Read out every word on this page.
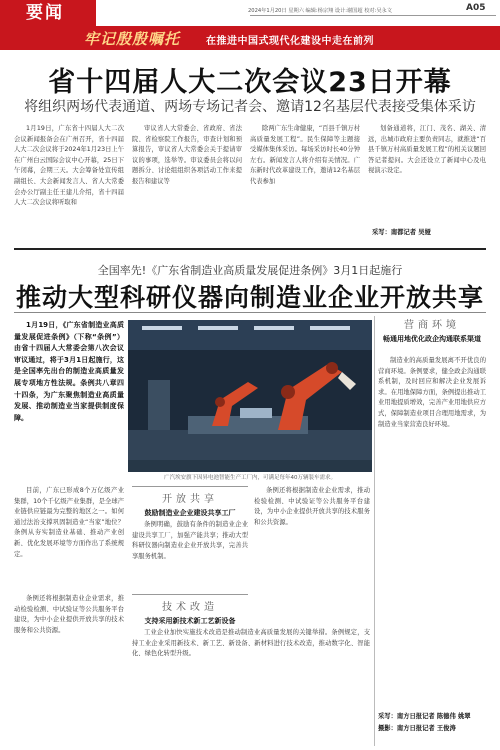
要闻	2024年1月20日 星期六 编辑:杨宗翔 设计:谢国超 校对:吴永文	A05
牢记殷殷嘱托	在推进中国式现代化建设中走在前列
省十四届人大二次会议23日开幕
将组织两场代表通道、两场专场记者会、邀请12名基层代表接受集体采访

1月19日，广东省十四届人大二次会议新闻报备会在广州召开，省十四届人大二次会议将于2024年1月23日上午在广州白云国际会议中心开幕，25日下午闭幕，会期三天。大会筹备处宣传组副组长、大会新闻发言人、省人大常委会办公厅副主任王建儿介绍，省十四届人大二次会议将听取和

审议省人大常委会、省政府、省法院、省检察院工作报告，审查计划和预算报告，审议省人大常委会关于提请审议的事项，选举等。审议委员会将以问题拆分、讨论组组织各项活动工作来提报告和建议等

除两广东生命健康，“百县千镇万村高质量发展工程”。民生保障等主题接受媒体集体采访。每场采访时长40分钟左右。新闻发言人将介绍有关情况。广东新时代改革建设工作，邀请12名基层代表参加

划备通道将，江门、茂名、湖关、清远，出城市政府主要负责同志，就推进“百县千镇万村高质量发展工程”的相关议题回答记者提问。大会还设立了新闻中心及电视演示设定。

采写：南都记者 吴娅
全国率先!《广东省制造业高质量发展促进条例》3月1日起施行
推动大型科研仪器向制造业企业开放共享

1月19日，《广东省制造业高质量发展促进条例》（下称“条例”）由省十四届人大常委会第八次会议审议通过，将于3月1日起施行，这是全国率先出台的制造业高质量发展专项地方性法规。条例共八章四十四条，为广东聚焦制造业高质量发展、推动制造业当家提供制度保障。

广汽埃安旗下因昇电池智能生产工厂内，可满足每年40万辆装车需求。

目前，广东已形成8个万亿级产业集群，10个千亿级产业集群，是全球产业链供应链最为完整的地区之一。如何通过法治支撑巩固制造业“当家”地位？条例从夯实制造业基础、推动产业创新、优化发展环境等方面作出了系统规定。

开放共享
鼓励制造业企业建设共享工厂

条例明确，鼓励有条件的制造业企业建设共享工厂，加强产能共享；推动大型科研仪器向制造业企业开放共享，完善共享服务机制。

条例还将根据制造业企业需求，推动检验检测、中试验证等公共服务平台建设，为中小企业提供开放共享的技术服务和公共资源。

技术改造
支持采用新技术新工艺新设备

工业企业加快实施技术改造是推动制造业高质量发展的关键举措。条例规定，支持工业企业采用新技术、新工艺、新设备、新材料进行技术改造，推动数字化、智能化、绿色化转型升级。

条例还将根据制造业企业需求，推动检验检测、中试验证等公共服务平台建设，为中小企业提供开放共享的技术服务和公共资源。

营商环境
畅通用地优化政企沟通联系渠道

制造业的高质量发展离不开优良的营商环境。条例要求，健全政企沟通联系机制，及时回应和解决企业发展诉求。在用地保障方面，条例提出推动工业用地提质增效，完善产业用地供应方式，保障制造业项目合理用地需求，为制造业当家营造良好环境。

采写：南方日报记者 陈德伟 姚翠
摄影：南方日报记者 王俊涛
